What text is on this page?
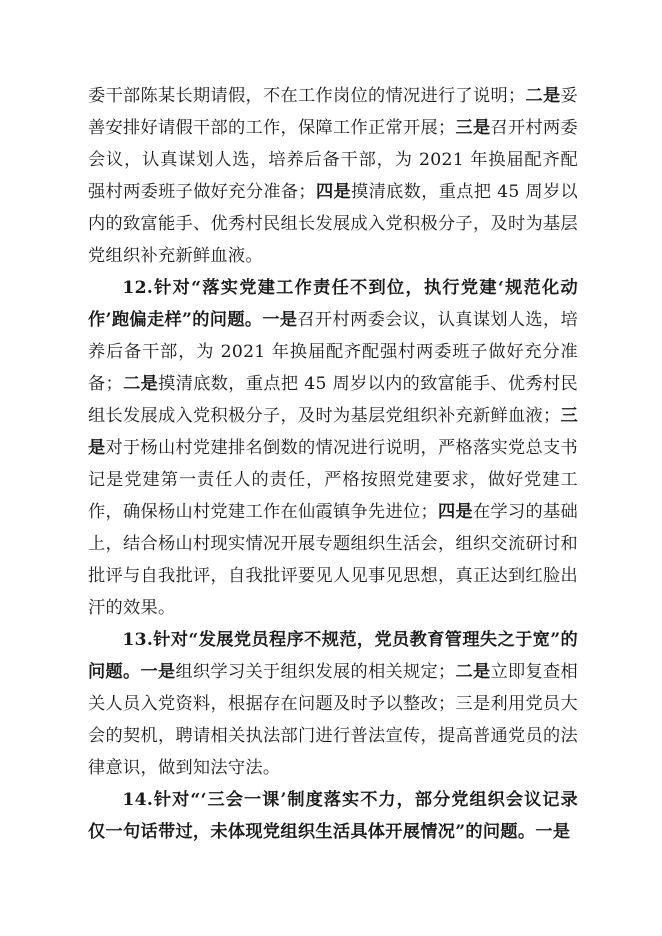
委干部陈某长期请假，不在工作岗位的情况进行了说明；二是妥善安排好请假干部的工作，保障工作正常开展；三是召开村两委会议，认真谋划人选，培养后备干部，为 2021 年换届配齐配强村两委班子做好充分准备；四是摸清底数，重点把 45 周岁以内的致富能手、优秀村民组长发展成入党积极分子，及时为基层党组织补充新鲜血液。

12.针对“落实党建工作责任不到位，执行党建‘规范化动作’跑偏走样”的问题。一是召开村两委会议，认真谋划人选，培养后备干部，为 2021 年换届配齐配强村两委班子做好充分准备；二是摸清底数，重点把 45 周岁以内的致富能手、优秀村民组长发展成入党积极分子，及时为基层党组织补充新鲜血液；三是对于杨山村党建排名倒数的情况进行说明，严格落实党总支书记是党建第一责任人的责任，严格按照党建要求，做好党建工作，确保杨山村党建工作在仙霞镇争先进位；四是在学习的基础上，结合杨山村现实情况开展专题组织生活会，组织交流研讨和批评与自我批评，自我批评要见人见事见思想，真正达到红脸出汗的效果。

13.针对“发展党员程序不规范，党员教育管理失之于宽”的问题。一是组织学习关于组织发展的相关规定；二是立即复查相关人员入党资料，根据存在问题及时予以整改；三是利用党员大会的契机，聘请相关执法部门进行普法宣传，提高普通党员的法律意识，做到知法守法。

14.针对“‘三会一课’制度落实不力，部分党组织会议记录仅一句话带过，未体现党组织生活具体开展情况”的问题。一是
